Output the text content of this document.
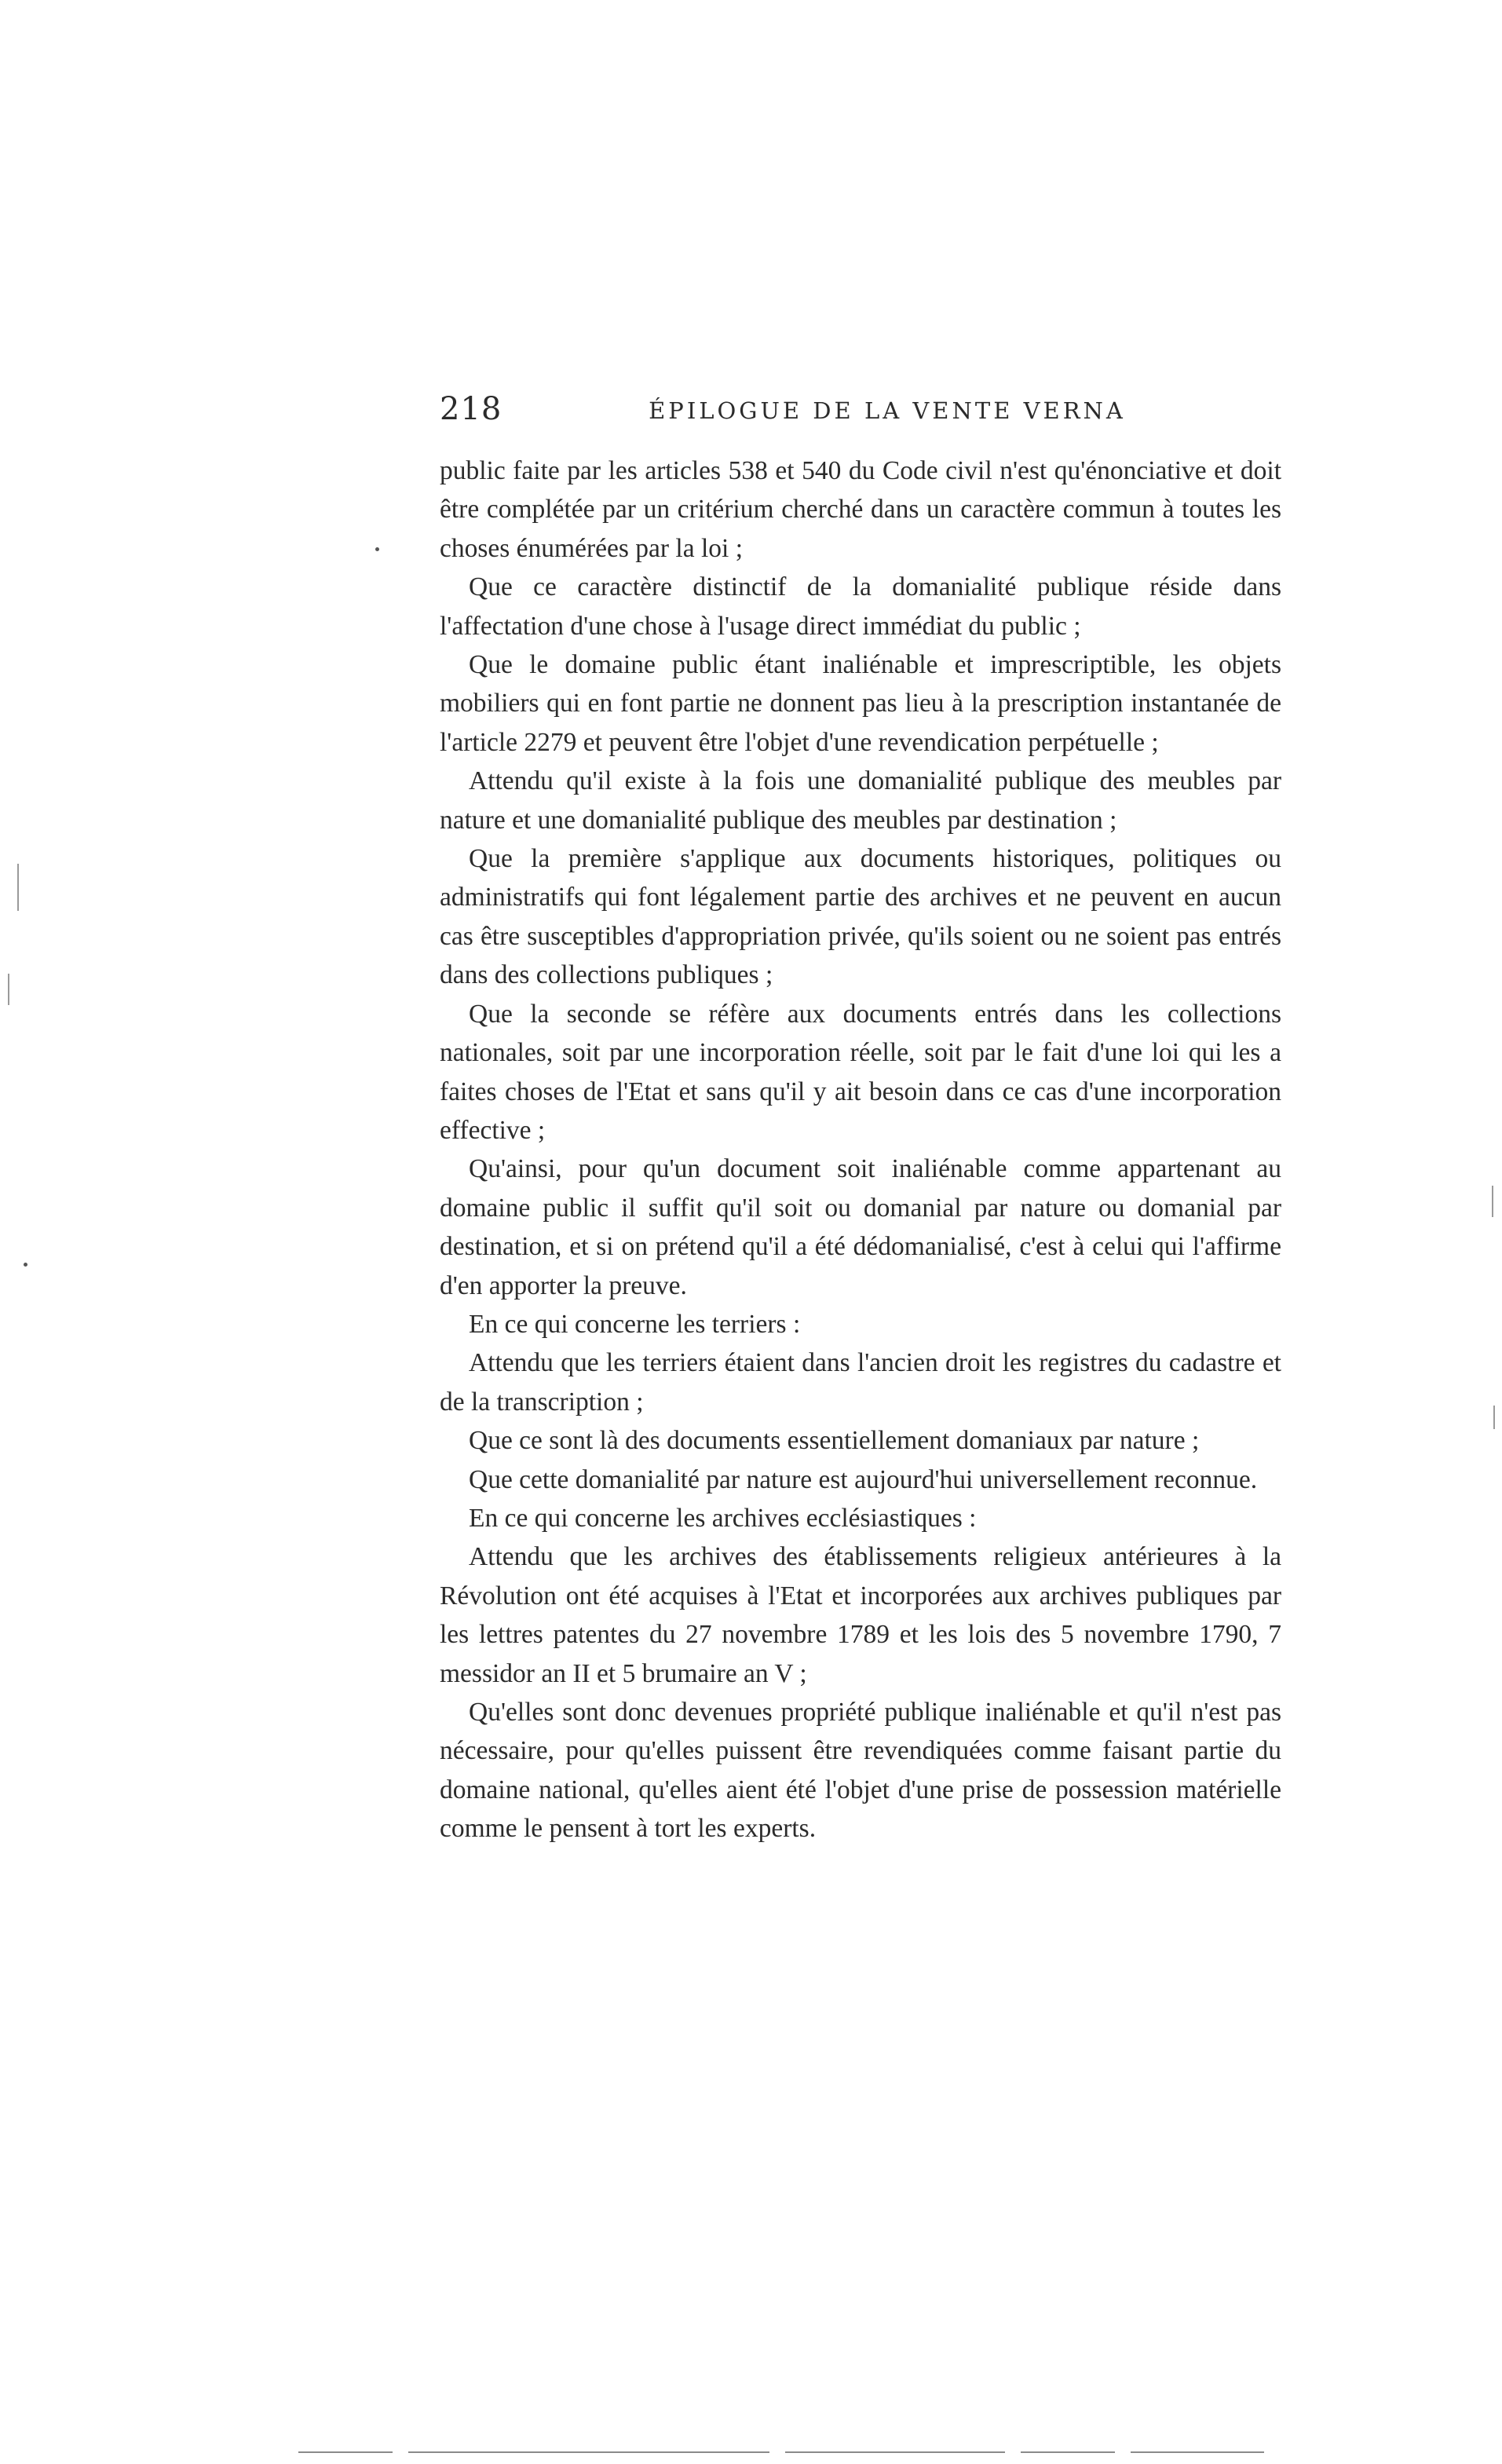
218	ÉPILOGUE DE LA VENTE VERNA

public faite par les articles 538 et 540 du Code civil n'est qu'énonciative et doit être complétée par un critérium cherché dans un caractère commun à toutes les choses énumérées par la loi ;

Que ce caractère distinctif de la domanialité publique réside dans l'affectation d'une chose à l'usage direct immédiat du public ;

Que le domaine public étant inaliénable et imprescriptible, les objets mobiliers qui en font partie ne donnent pas lieu à la prescription instantanée de l'article 2279 et peuvent être l'objet d'une revendication perpétuelle ;

Attendu qu'il existe à la fois une domanialité publique des meubles par nature et une domanialité publique des meubles par destination ;

Que la première s'applique aux documents historiques, politiques ou administratifs qui font légalement partie des archives et ne peuvent en aucun cas être susceptibles d'appropriation privée, qu'ils soient ou ne soient pas entrés dans des collections publiques ;

Que la seconde se réfère aux documents entrés dans les collections nationales, soit par une incorporation réelle, soit par le fait d'une loi qui les a faites choses de l'Etat et sans qu'il y ait besoin dans ce cas d'une incorporation effective ;

Qu'ainsi, pour qu'un document soit inaliénable comme appartenant au domaine public il suffit qu'il soit ou domanial par nature ou domanial par destination, et si on prétend qu'il a été dédomanialisé, c'est à celui qui l'affirme d'en apporter la preuve.

En ce qui concerne les terriers :

Attendu que les terriers étaient dans l'ancien droit les registres du cadastre et de la transcription ;

Que ce sont là des documents essentiellement domaniaux par nature ;

Que cette domanialité par nature est aujourd'hui universellement reconnue.

En ce qui concerne les archives ecclésiastiques :

Attendu que les archives des établissements religieux antérieures à la Révolution ont été acquises à l'Etat et incorporées aux archives publiques par les lettres patentes du 27 novembre 1789 et les lois des 5 novembre 1790, 7 messidor an II et 5 brumaire an V ;

Qu'elles sont donc devenues propriété publique inaliénable et qu'il n'est pas nécessaire, pour qu'elles puissent être revendiquées comme faisant partie du domaine national, qu'elles aient été l'objet d'une prise de possession matérielle comme le pensent à tort les experts.
